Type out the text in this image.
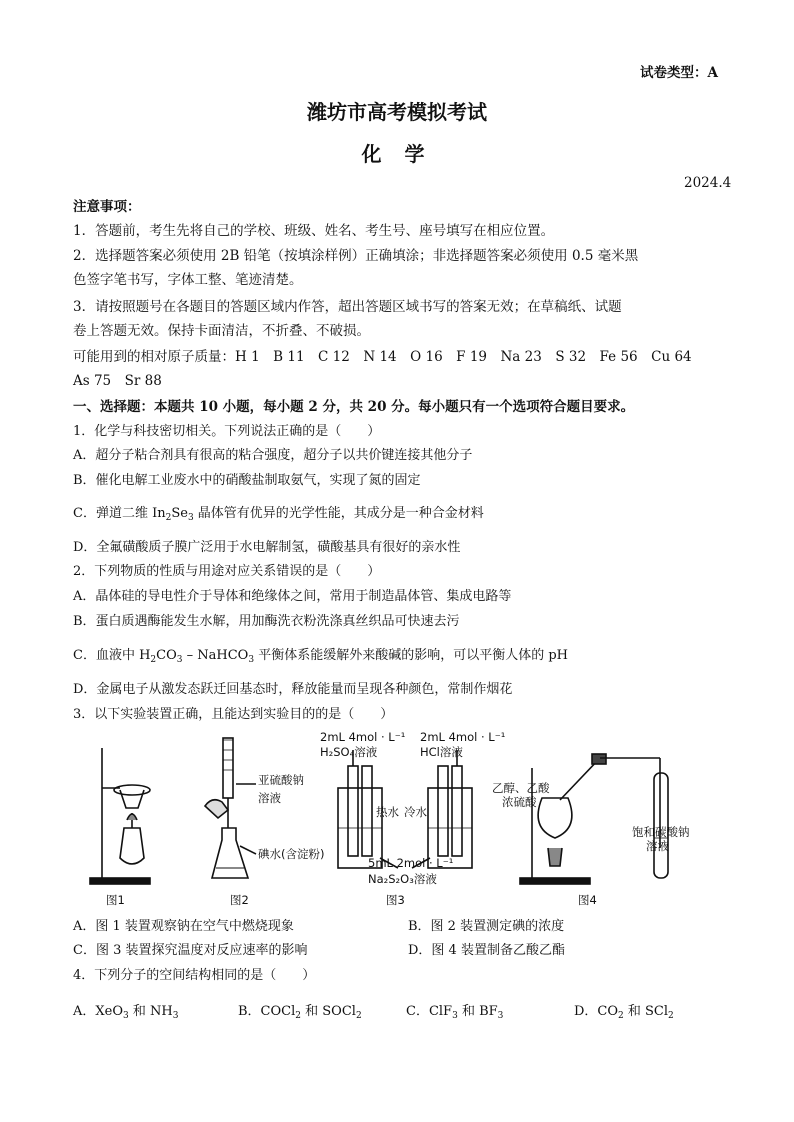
试卷类型：A
潍坊市高考模拟考试
化 学
2024.4
注意事项：
1．答题前，考生先将自己的学校、班级、姓名、考生号、座号填写在相应位置。
2．选择题答案必须使用 2B 铅笔（按填涂样例）正确填涂；非选择题答案必须使用 0.5 毫米黑
色签字笔书写，字体工整、笔迹清楚。
3．请按照题号在各题目的答题区域内作答，超出答题区域书写的答案无效；在草稿纸、试题
卷上答题无效。保持卡面清洁，不折叠、不破损。
可能用到的相对原子质量：H 1　B 11　C 12　N 14　O 16　F 19　Na 23　S 32　Fe 56　Cu 64
As 75　Sr 88
一、选择题：本题共 10 小题，每小题 2 分，共 20 分。每小题只有一个选项符合题目要求。
1．化学与科技密切相关。下列说法正确的是（　　）
A．超分子粘合剂具有很高的粘合强度，超分子以共价键连接其他分子
B．催化电解工业废水中的硝酸盐制取氨气，实现了氮的固定
C．弹道二维 $In_2Se_3$ 晶体管有优异的光学性能，其成分是一种合金材料
D．全氟磺酸质子膜广泛用于水电解制氢，磺酸基具有很好的亲水性
2．下列物质的性质与用途对应关系错误的是（　　）
A．晶体硅的导电性介于导体和绝缘体之间，常用于制造晶体管、集成电路等
B．蛋白质遇酶能发生水解，用加酶洗衣粉洗涤真丝织品可快速去污
C．血液中 $H_2CO_3$ – NaHCO$_3$ 平衡体系能缓解外来酸碱的影响，可以平衡人体的 pH
D．金属电子从激发态跃迁回基态时，释放能量而呈现各种颜色，常制作烟花
3．以下实验装置正确，且能达到实验目的的是（　　）
图1	图2	图3	图4
亚硫酸钠
溶液
碘水(含淀粉)
2mL 4mol · L⁻¹
H₂SO₄溶液
2mL 4mol · L⁻¹
HCl溶液
热水 冷水
5mL 2mol · L⁻¹
Na₂S₂O₃溶液
乙醇、乙酸
浓硫酸
饱和碳酸钠
溶液
A．图 1 装置观察钠在空气中燃烧现象	B．图 2 装置测定碘的浓度
C．图 3 装置探究温度对反应速率的影响	D．图 4 装置制备乙酸乙酯
4．下列分子的空间结构相同的是（　　）
A．XeO$_3$ 和 $NH_3$	B．COCl$_2$ 和 SOCl$_2$	C．ClF$_3$ 和 $BF_3$	D．$CO_2$ 和 SCl$_2$
